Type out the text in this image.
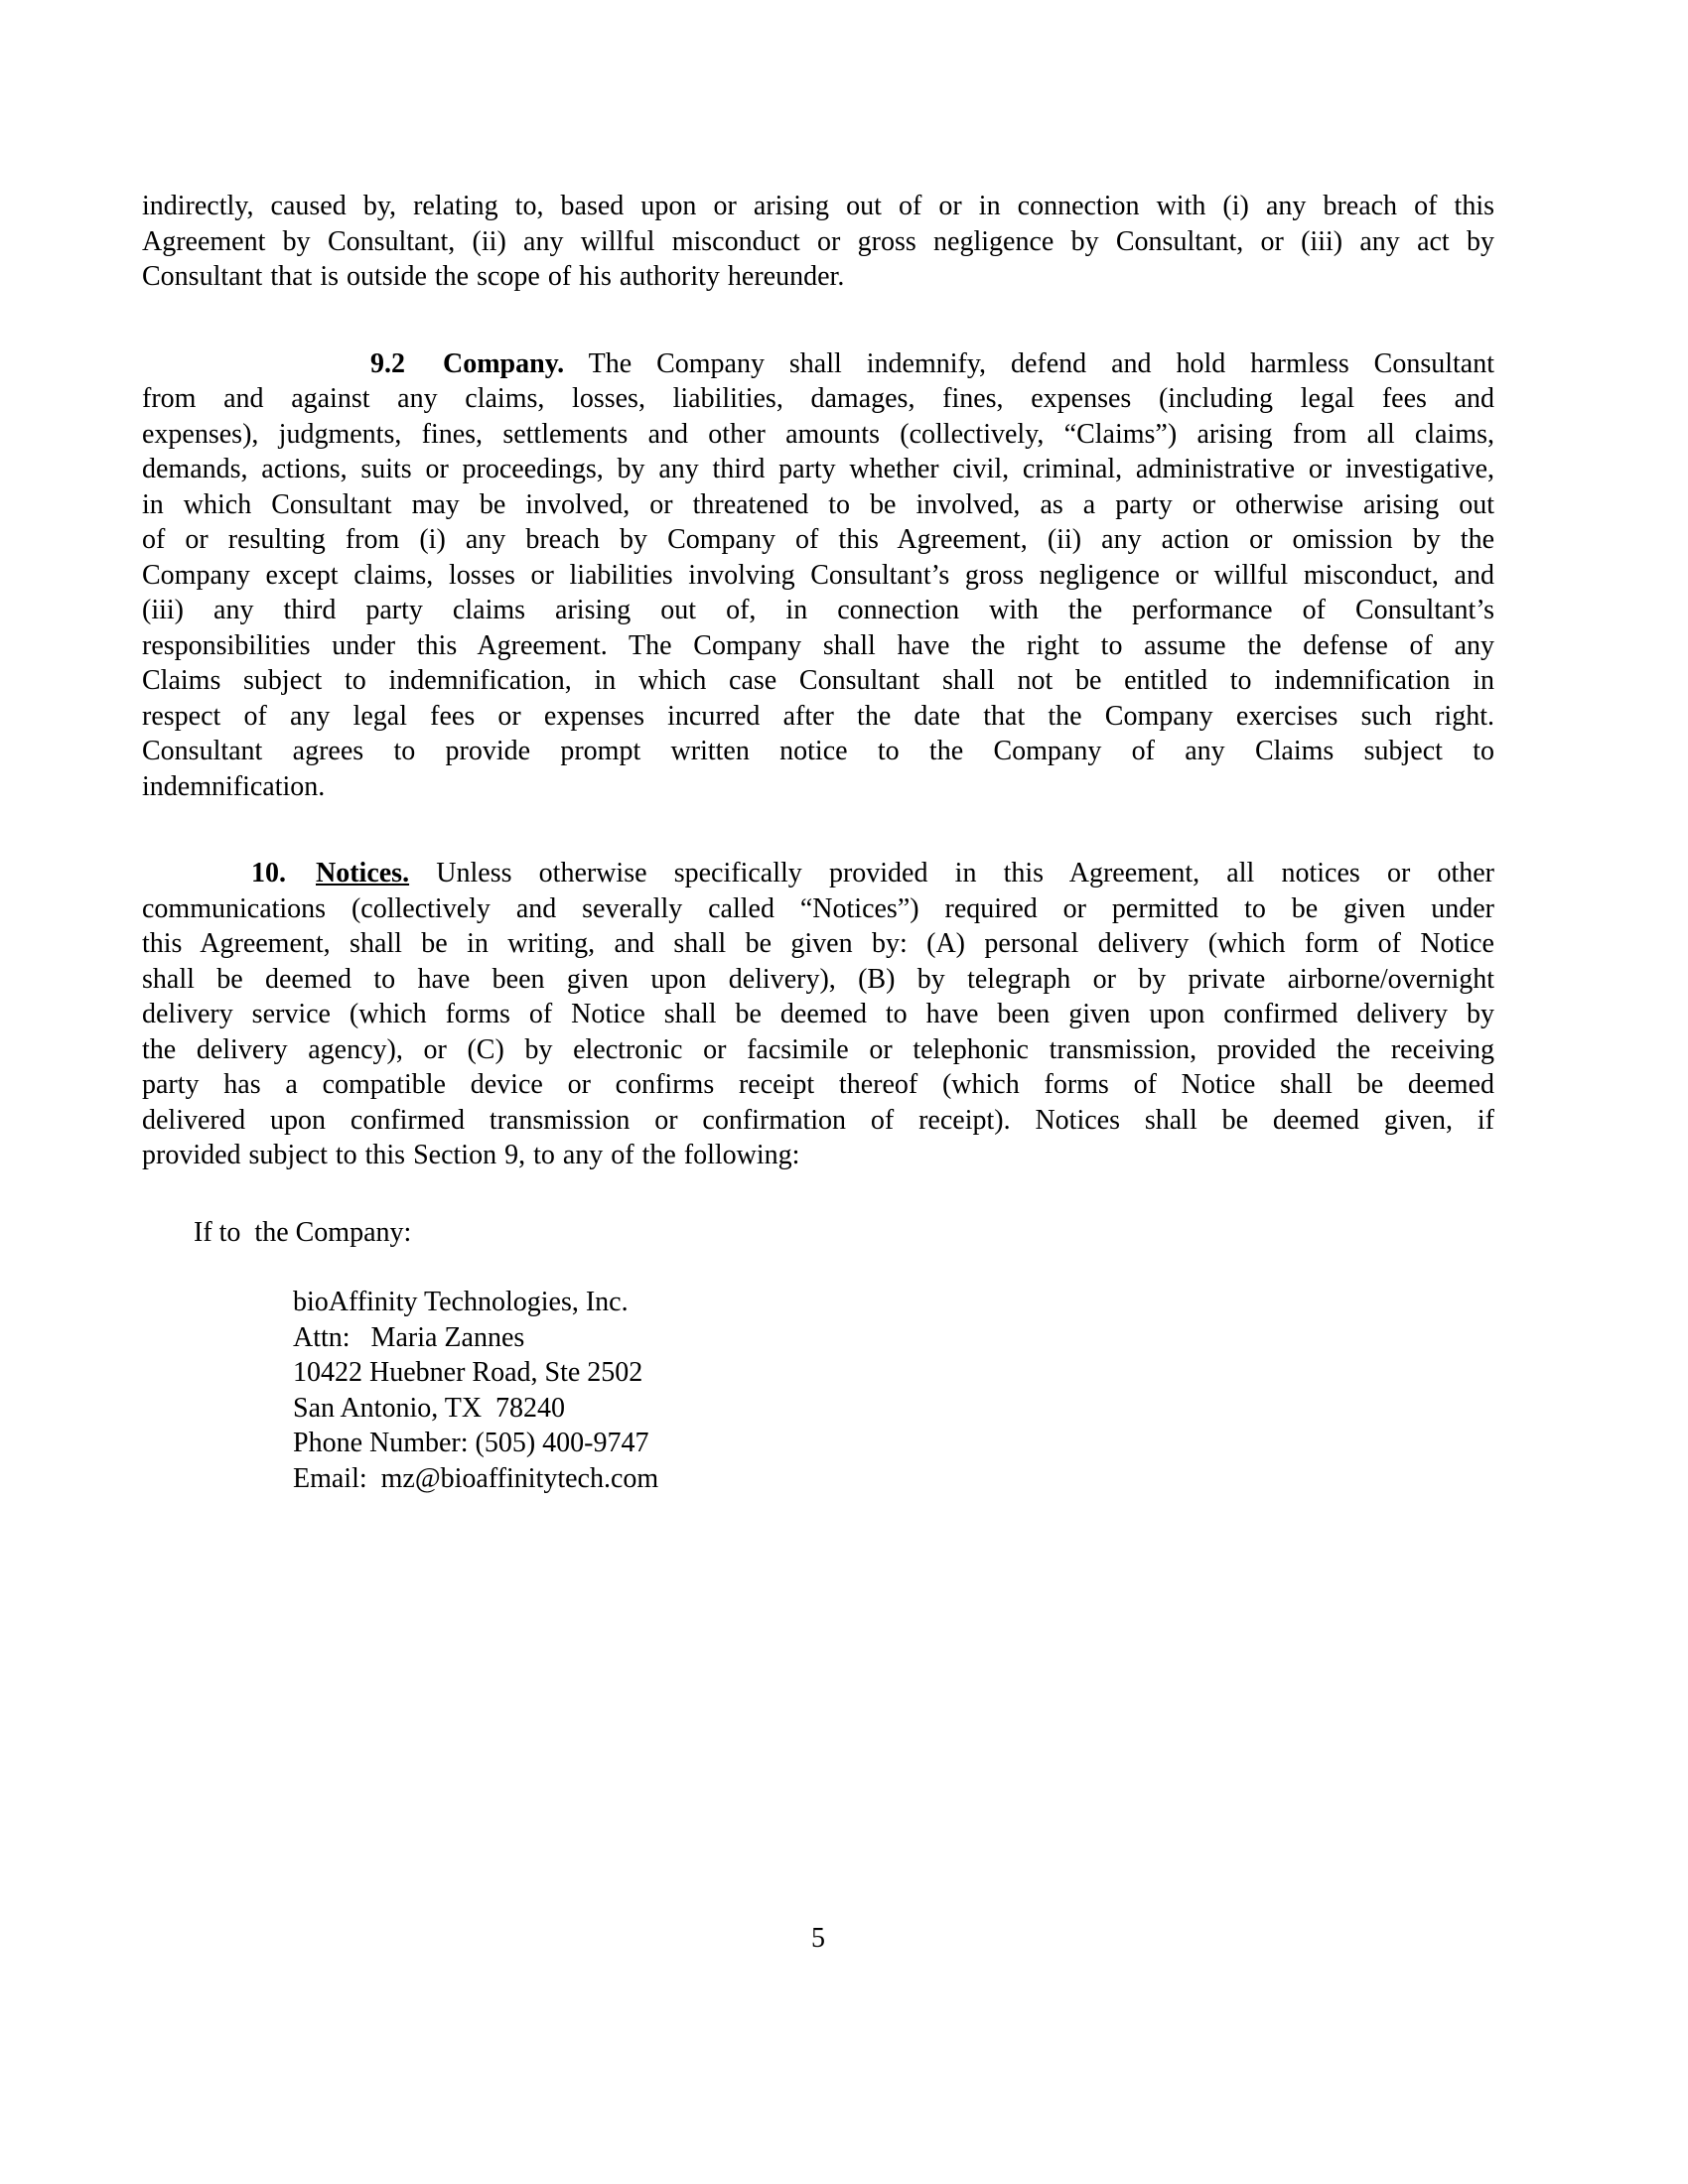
indirectly, caused by, relating to, based upon or arising out of or in connection with (i) any breach of this
Agreement by Consultant, (ii) any willful misconduct or gross negligence by Consultant, or (iii) any act by
Consultant that is outside the scope of his authority hereunder.
9.2 Company. The Company shall indemnify, defend and hold harmless Consultant
from and against any claims, losses, liabilities, damages, fines, expenses (including legal fees and
expenses), judgments, fines, settlements and other amounts (collectively, “Claims”) arising from all claims,
demands, actions, suits or proceedings, by any third party whether civil, criminal, administrative or investigative,
in which Consultant may be involved, or threatened to be involved, as a party or otherwise arising out
of or resulting from (i) any breach by Company of this Agreement, (ii) any action or omission by the
Company except claims, losses or liabilities involving Consultant’s gross negligence or willful misconduct, and
(iii) any third party claims arising out of, in connection with the performance of Consultant’s
responsibilities under this Agreement. The Company shall have the right to assume the defense of any
Claims subject to indemnification, in which case Consultant shall not be entitled to indemnification in
respect of any legal fees or expenses incurred after the date that the Company exercises such right.
Consultant agrees to provide prompt written notice to the Company of any Claims subject to
indemnification.
10. Notices. Unless otherwise specifically provided in this Agreement, all notices or other
communications (collectively and severally called “Notices”) required or permitted to be given under
this Agreement, shall be in writing, and shall be given by: (A) personal delivery (which form of Notice
shall be deemed to have been given upon delivery), (B) by telegraph or by private airborne/overnight
delivery service (which forms of Notice shall be deemed to have been given upon confirmed delivery by
the delivery agency), or (C) by electronic or facsimile or telephonic transmission, provided the receiving
party has a compatible device or confirms receipt thereof (which forms of Notice shall be deemed
delivered upon confirmed transmission or confirmation of receipt). Notices shall be deemed given, if
provided subject to this Section 9, to any of the following:
If to  the Company:
bioAffinity Technologies, Inc.
Attn:   Maria Zannes
10422 Huebner Road, Ste 2502
San Antonio, TX  78240
Phone Number: (505) 400-9747
Email:  mz@bioaffinitytech.com
5
